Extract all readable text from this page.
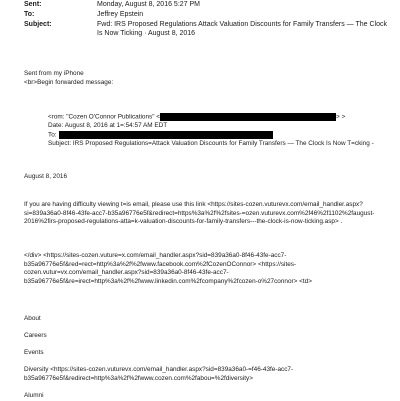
Sent:	Monday, August 8, 2016 5:27 PM
To:	Jeffrey Epstein
Subject:	Fwd: IRS Proposed Regulations Attack Valuation Discounts for Family Transfers — The Clock Is Now Ticking · August 8, 2016

Sent from my iPhone

<br>Begin forwarded message:

<rom: "Cozen O'Connor Publications" <	> >

Date: August 8, 2016 at 1=:54:57 AM EDT

To:

Subject: IRS Proposed Regulations=Attack Valuation Discounts for Family Transfers — The Clock Is Now T=cking -

August 8, 2016
If you are having difficulty viewing t=is email, please use this link <https://sites-cozen.vuturevx.com/email_handler.aspx?si=839a36a0-8f46-43fe-acc7-b35a96776e5f&redirect=https%3a%2f%2fsites-=ozen.vuturevx.com%2f46%2f1102%2faugust-2016%2firs-proposed-regulations-atta=k-valuation-discounts-for-family-transfers---the-clock-is-now-ticking.asp> .
</div> <https://sites-cozen.vuture=x.com/email_handler.aspx?sid=839a36a0-8f46-43fe-acc7-b35a96776e5f&red=rect=http%3a%2f%2fwww.facebook.com%2fCozenOConnor> <https://sites-cozen.vutur=vx.com/email_handler.aspx?sid=839a36a0-8f46-43fe-acc7-b35a96776e5f&re=irect=http%3a%2f%2fwww.linkedin.com%2fcompany%2fcozen-o%27connor> <td>
About
Careers
Events
Diversity <https://sites-cozen.vuturevx.com/email_handler.aspx?sid=839a36a0-=f46-43fe-acc7-b35a96776e5f&redirect=http%3a%2f%2fwww.cozen.com%2fabou=%2fdiversity>
Alumni
